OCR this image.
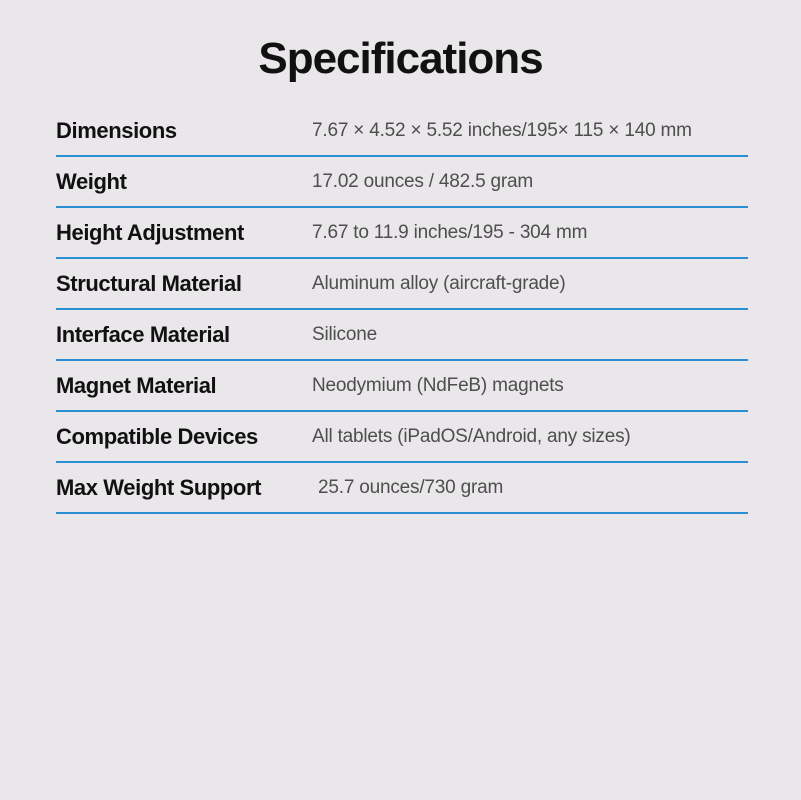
Specifications
Dimensions	7.67 × 4.52 × 5.52 inches/195× 115 × 140 mm
Weight	17.02 ounces / 482.5 gram
Height Adjustment	7.67 to 11.9 inches/195 - 304 mm
Structural Material	Aluminum alloy (aircraft-grade)
Interface Material	Silicone
Magnet Material	Neodymium (NdFeB) magnets
Compatible Devices	All tablets (iPadOS/Android, any sizes)
Max Weight Support	25.7 ounces/730 gram
